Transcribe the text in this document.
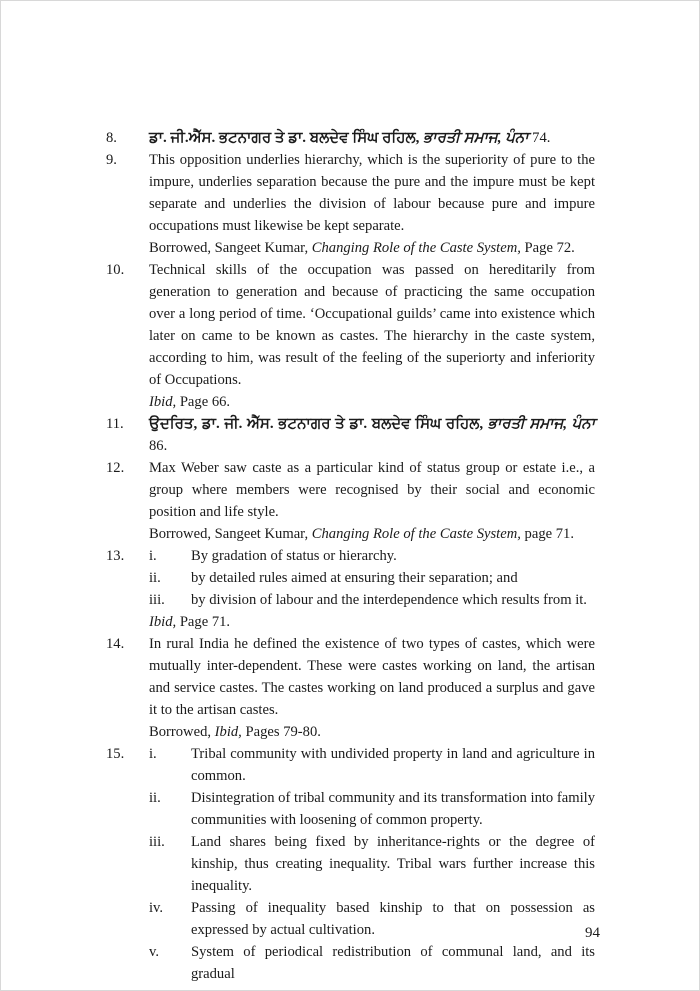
8.	ਡਾ. ਜੀ.ਐੱਸ. ਭਟਨਾਗਰ ਤੇ ਡਾ. ਬਲਦੇਵ ਸਿੰਘ ਰਹਿਲ, ਭਾਰਤੀ ਸਮਾਜ, ਪੰਨਾ 74.
9.	This opposition underlies hierarchy, which is the superiority of pure to the impure, underlies separation because the pure and the impure must be kept separate and underlies the division of labour because pure and impure occupations must likewise be kept separate.
Borrowed, Sangeet Kumar, Changing Role of the Caste System, Page 72.
10.	Technical skills of the occupation was passed on hereditarily from generation to generation and because of practicing the same occupation over a long period of time. ‘Occupational guilds’ came into existence which later on came to be known as castes. The hierarchy in the caste system, according to him, was result of the feeling of the superiorty and inferiority of Occupations.
Ibid, Page 66.
11.	ਉਦਰਿਤ, ਡਾ. ਜੀ. ਐੱਸ. ਭਟਨਾਗਰ ਤੇ ਡਾ. ਬਲਦੇਵ ਸਿੰਘ ਰਹਿਲ, ਭਾਰਤੀ ਸਮਾਜ, ਪੰਨਾ 86.
12.	Max Weber saw caste as a particular kind of status group or estate i.e., a group where members were recognised by their social and economic position and life style.
Borrowed, Sangeet Kumar, Changing Role of the Caste System, page 71.
13.	i.	By gradation of status or hierarchy.
ii.	by detailed rules aimed at ensuring their separation; and
iii.	by division of labour and the interdependence which results from it.
Ibid, Page 71.
14.	In rural India he defined the existence of two types of castes, which were mutually inter-dependent. These were castes working on land, the artisan and service castes. The castes working on land produced a surplus and gave it to the artisan castes.
Borrowed, Ibid, Pages 79-80.
15.	i.	Tribal community with undivided property in land and agriculture in common.
ii.	Disintegration of tribal community and its transformation into family communities with loosening of common property.
iii.	Land shares being fixed by inheritance-rights or the degree of kinship, thus creating inequality. Tribal wars further increase this inequality.
iv.	Passing of inequality based kinship to that on possession as expressed by actual cultivation.
v.	System of periodical redistribution of communal land, and its gradual
94
